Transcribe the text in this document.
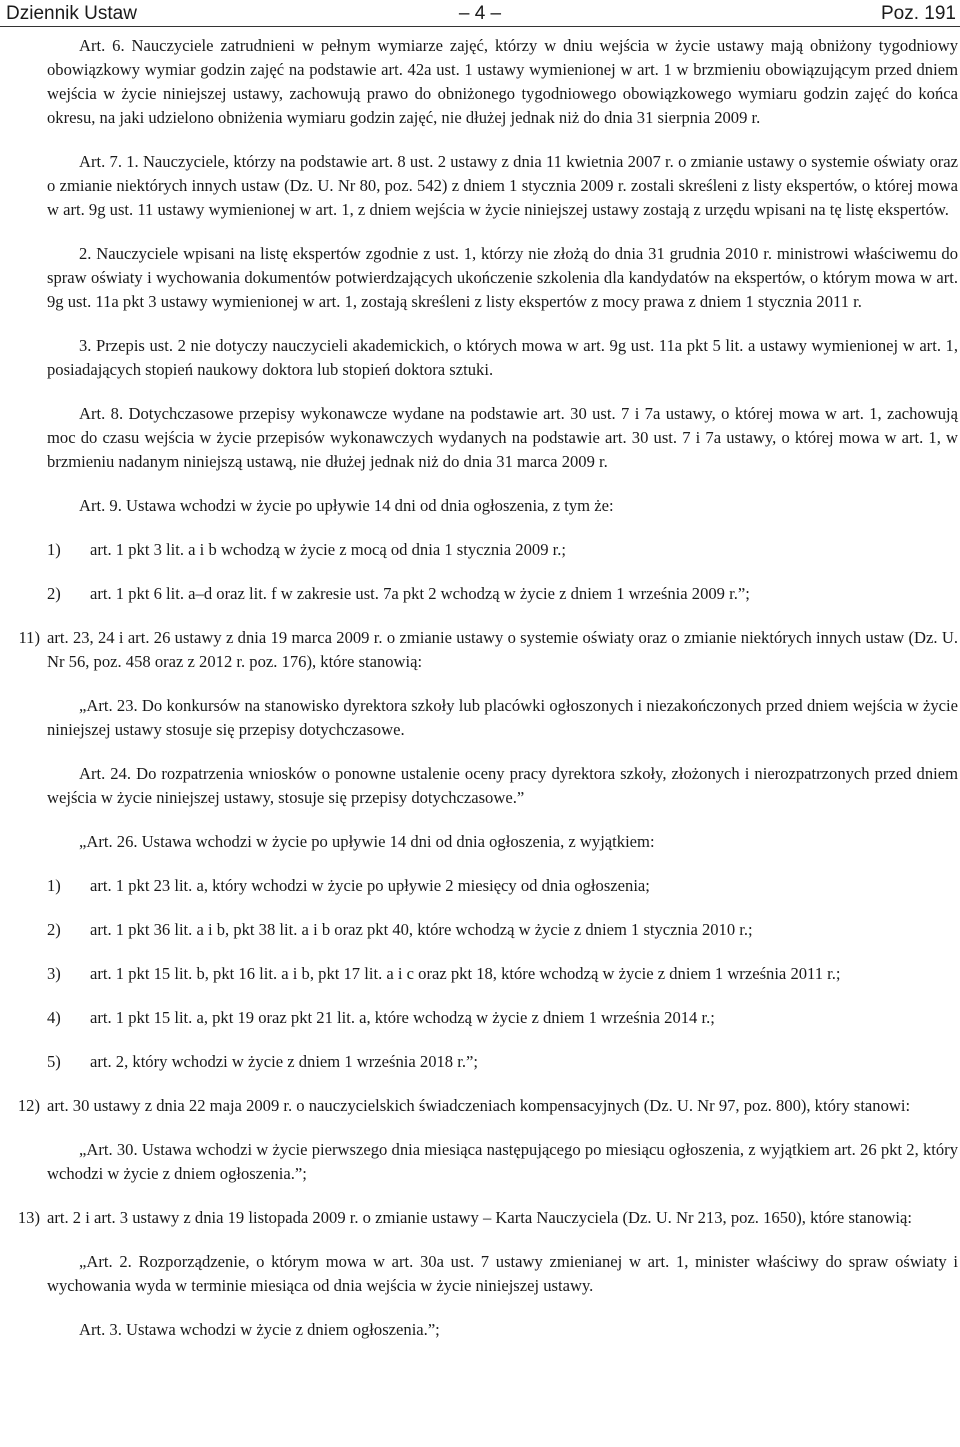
Dziennik Ustaw	– 4 –	Poz. 191

Art. 6. Nauczyciele zatrudnieni w pełnym wymiarze zajęć, którzy w dniu wejścia w życie ustawy mają obniżony tygodniowy obowiązkowy wymiar godzin zajęć na podstawie art. 42a ust. 1 ustawy wymienionej w art. 1 w brzmieniu obowiązującym przed dniem wejścia w życie niniejszej ustawy, zachowują prawo do obniżonego tygodniowego obowiązkowego wymiaru godzin zajęć do końca okresu, na jaki udzielono obniżenia wymiaru godzin zajęć, nie dłużej jednak niż do dnia 31 sierpnia 2009 r.

Art. 7. 1. Nauczyciele, którzy na podstawie art. 8 ust. 2 ustawy z dnia 11 kwietnia 2007 r. o zmianie ustawy o systemie oświaty oraz o zmianie niektórych innych ustaw (Dz. U. Nr 80, poz. 542) z dniem 1 stycznia 2009 r. zostali skreśleni z listy ekspertów, o której mowa w art. 9g ust. 11 ustawy wymienionej w art. 1, z dniem wejścia w życie niniejszej ustawy zostają z urzędu wpisani na tę listę ekspertów.

2. Nauczyciele wpisani na listę ekspertów zgodnie z ust. 1, którzy nie złożą do dnia 31 grudnia 2010 r. ministrowi właściwemu do spraw oświaty i wychowania dokumentów potwierdzających ukończenie szkolenia dla kandydatów na ekspertów, o którym mowa w art. 9g ust. 11a pkt 3 ustawy wymienionej w art. 1, zostają skreśleni z listy ekspertów z mocy prawa z dniem 1 stycznia 2011 r.

3. Przepis ust. 2 nie dotyczy nauczycieli akademickich, o których mowa w art. 9g ust. 11a pkt 5 lit. a ustawy wymienionej w art. 1, posiadających stopień naukowy doktora lub stopień doktora sztuki.

Art. 8. Dotychczasowe przepisy wykonawcze wydane na podstawie art. 30 ust. 7 i 7a ustawy, o której mowa w art. 1, zachowują moc do czasu wejścia w życie przepisów wykonawczych wydanych na podstawie art. 30 ust. 7 i 7a ustawy, o której mowa w art. 1, w brzmieniu nadanym niniejszą ustawą, nie dłużej jednak niż do dnia 31 marca 2009 r.

Art. 9. Ustawa wchodzi w życie po upływie 14 dni od dnia ogłoszenia, z tym że:

1)	art. 1 pkt 3 lit. a i b wchodzą w życie z mocą od dnia 1 stycznia 2009 r.;
2)	art. 1 pkt 6 lit. a–d oraz lit. f w zakresie ust. 7a pkt 2 wchodzą w życie z dniem 1 września 2009 r.”;
11) art. 23, 24 i art. 26 ustawy z dnia 19 marca 2009 r. o zmianie ustawy o systemie oświaty oraz o zmianie niektórych innych ustaw (Dz. U. Nr 56, poz. 458 oraz z 2012 r. poz. 176), które stanowią:

„Art. 23. Do konkursów na stanowisko dyrektora szkoły lub placówki ogłoszonych i niezakończonych przed dniem wejścia w życie niniejszej ustawy stosuje się przepisy dotychczasowe.

Art. 24. Do rozpatrzenia wniosków o ponowne ustalenie oceny pracy dyrektora szkoły, złożonych i nierozpatrzonych przed dniem wejścia w życie niniejszej ustawy, stosuje się przepisy dotychczasowe.”

„Art. 26. Ustawa wchodzi w życie po upływie 14 dni od dnia ogłoszenia, z wyjątkiem:

1)	art. 1 pkt 23 lit. a, który wchodzi w życie po upływie 2 miesięcy od dnia ogłoszenia;
2)	art. 1 pkt 36 lit. a i b, pkt 38 lit. a i b oraz pkt 40, które wchodzą w życie z dniem 1 stycznia 2010 r.;
3)	art. 1 pkt 15 lit. b, pkt 16 lit. a i b, pkt 17 lit. a i c oraz pkt 18, które wchodzą w życie z dniem 1 września 2011 r.;
4)	art. 1 pkt 15 lit. a, pkt 19 oraz pkt 21 lit. a, które wchodzą w życie z dniem 1 września 2014 r.;
5)	art. 2, który wchodzi w życie z dniem 1 września 2018 r.”;
12) art. 30 ustawy z dnia 22 maja 2009 r. o nauczycielskich świadczeniach kompensacyjnych (Dz. U. Nr 97, poz. 800), który stanowi:

„Art. 30. Ustawa wchodzi w życie pierwszego dnia miesiąca następującego po miesiącu ogłoszenia, z wyjątkiem art. 26 pkt 2, który wchodzi w życie z dniem ogłoszenia.”;

13) art. 2 i art. 3 ustawy z dnia 19 listopada 2009 r. o zmianie ustawy – Karta Nauczyciela (Dz. U. Nr 213, poz. 1650), które stanowią:

„Art. 2. Rozporządzenie, o którym mowa w art. 30a ust. 7 ustawy zmienianej w art. 1, minister właściwy do spraw oświaty i wychowania wyda w terminie miesiąca od dnia wejścia w życie niniejszej ustawy.

Art. 3. Ustawa wchodzi w życie z dniem ogłoszenia.”;
